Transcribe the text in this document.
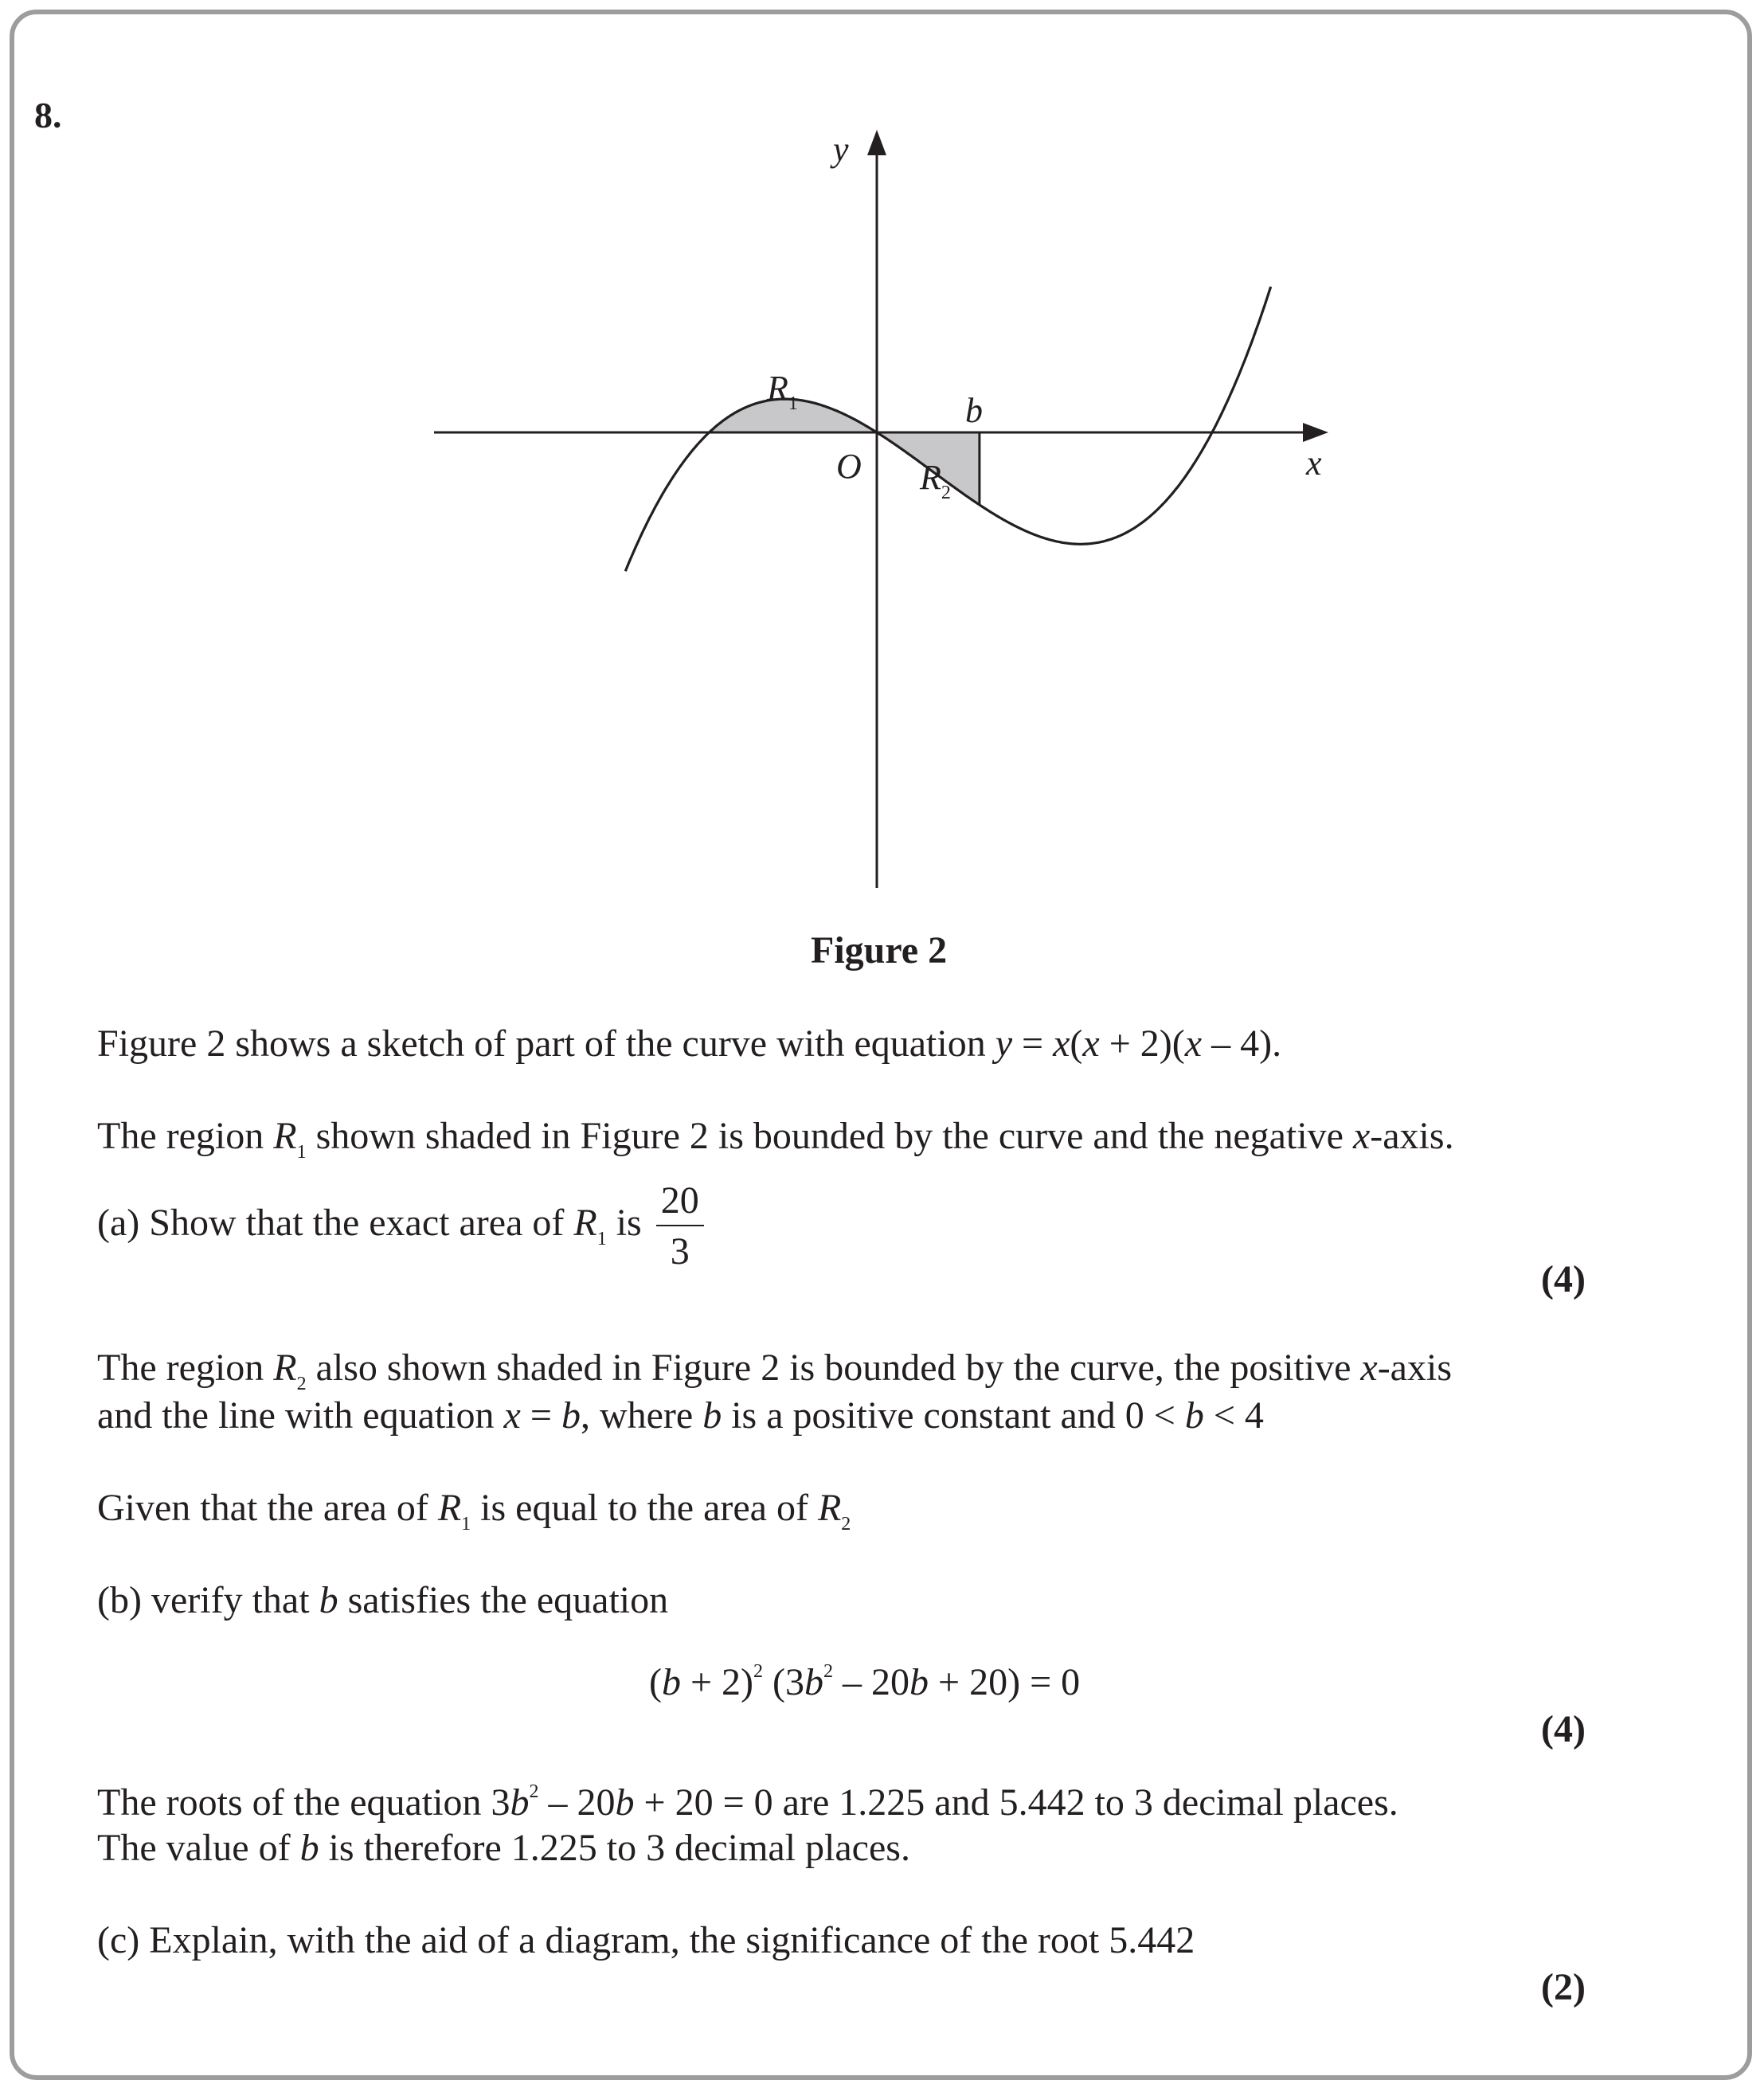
8.
y
x
O
b
$R_1$
$R_2$
Figure 2
Figure 2 shows a sketch of part of the curve with equation y = x(x + 2)(x – 4).
The region $R_1$ shown shaded in Figure 2 is bounded by the curve and the negative x-axis.
(a) Show that the exact area of $R_1$ is $\frac{20}{3}$
(4)
The region $R_2$ also shown shaded in Figure 2 is bounded by the curve, the positive x-axis
and the line with equation x = b, where b is a positive constant and 0 < b < 4
Given that the area of $R_1$ is equal to the area of $R_2$
(b) verify that b satisfies the equation
$(b + 2)^2$ $(3b^2 - 20b + 20) = 0$
(4)
The roots of the equation $3b^2 - 20b + 20 = 0$ are 1.225 and 5.442 to 3 decimal places.
The value of b is therefore 1.225 to 3 decimal places.
(c) Explain, with the aid of a diagram, the significance of the root 5.442
(2)
